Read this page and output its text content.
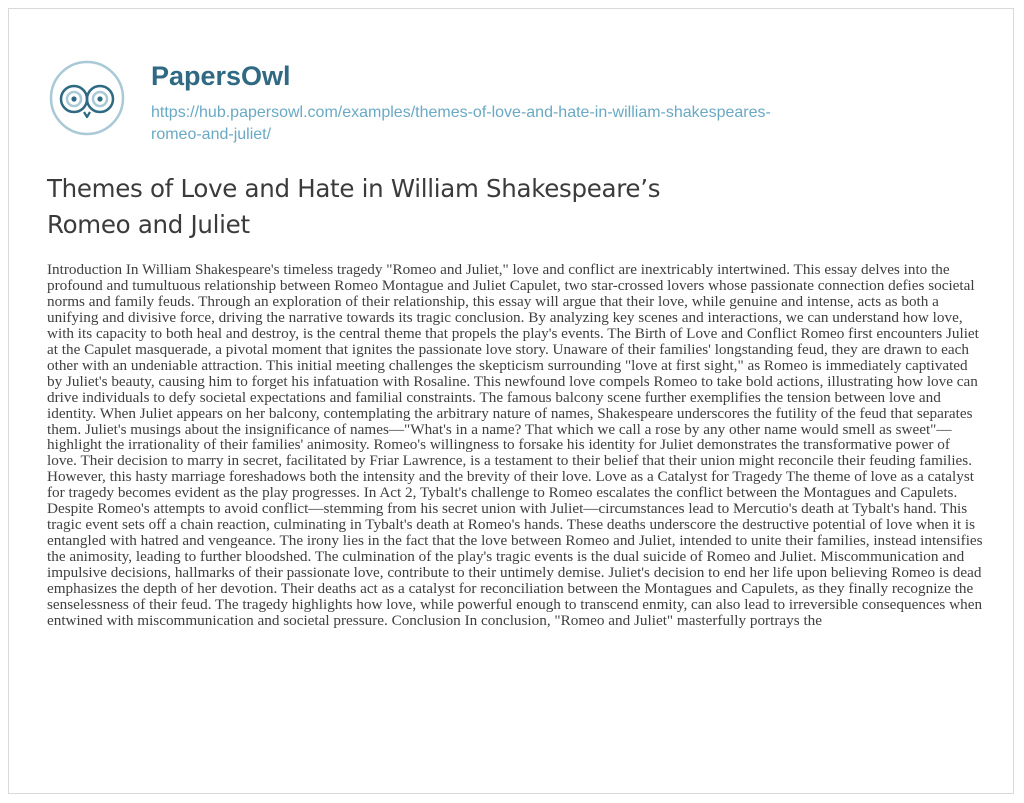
PapersOwl
https://hub.papersowl.com/examples/themes-of-love-and-hate-in-william-shakespeares-
romeo-and-juliet/
Themes of Love and Hate in William Shakespeare’s
Romeo and Juliet
Introduction In William Shakespeare's timeless tragedy "Romeo and Juliet," love and conflict are inextricably intertwined. This essay delves into the profound and tumultuous relationship between Romeo Montague and Juliet Capulet, two star-crossed lovers whose passionate connection defies societal norms and family feuds. Through an exploration of their relationship, this essay will argue that their love, while genuine and intense, acts as both a unifying and divisive force, driving the narrative towards its tragic conclusion. By analyzing key scenes and interactions, we can understand how love, with its capacity to both heal and destroy, is the central theme that propels the play's events. The Birth of Love and Conflict Romeo first encounters Juliet at the Capulet masquerade, a pivotal moment that ignites the passionate love story. Unaware of their families' longstanding feud, they are drawn to each other with an undeniable attraction. This initial meeting challenges the skepticism surrounding "love at first sight," as Romeo is immediately captivated by Juliet's beauty, causing him to forget his infatuation with Rosaline. This newfound love compels Romeo to take bold actions, illustrating how love can drive individuals to defy societal expectations and familial constraints. The famous balcony scene further exemplifies the tension between love and identity. When Juliet appears on her balcony, contemplating the arbitrary nature of names, Shakespeare underscores the futility of the feud that separates them. Juliet's musings about the insignificance of names—"What's in a name? That which we call a rose by any other name would smell as sweet"—highlight the irrationality of their families' animosity. Romeo's willingness to forsake his identity for Juliet demonstrates the transformative power of love. Their decision to marry in secret, facilitated by Friar Lawrence, is a testament to their belief that their union might reconcile their feuding families. However, this hasty marriage foreshadows both the intensity and the brevity of their love. Love as a Catalyst for Tragedy The theme of love as a catalyst for tragedy becomes evident as the play progresses. In Act 2, Tybalt's challenge to Romeo escalates the conflict between the Montagues and Capulets. Despite Romeo's attempts to avoid conflict—stemming from his secret union with Juliet—circumstances lead to Mercutio's death at Tybalt's hand. This tragic event sets off a chain reaction, culminating in Tybalt's death at Romeo's hands. These deaths underscore the destructive potential of love when it is entangled with hatred and vengeance. The irony lies in the fact that the love between Romeo and Juliet, intended to unite their families, instead intensifies the animosity, leading to further bloodshed. The culmination of the play's tragic events is the dual suicide of Romeo and Juliet. Miscommunication and impulsive decisions, hallmarks of their passionate love, contribute to their untimely demise. Juliet's decision to end her life upon believing Romeo is dead emphasizes the depth of her devotion. Their deaths act as a catalyst for reconciliation between the Montagues and Capulets, as they finally recognize the senselessness of their feud. The tragedy highlights how love, while powerful enough to transcend enmity, can also lead to irreversible consequences when entwined with miscommunication and societal pressure. Conclusion In conclusion, "Romeo and Juliet" masterfully portrays the
